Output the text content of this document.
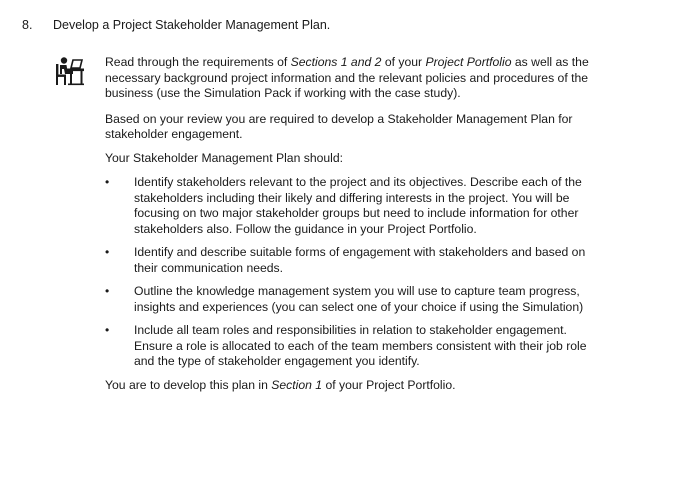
8. Develop a Project Stakeholder Management Plan.

Read through the requirements of Sections 1 and 2 of your Project Portfolio as well as the necessary background project information and the relevant policies and procedures of the business (use the Simulation Pack if working with the case study).

Based on your review you are required to develop a Stakeholder Management Plan for stakeholder engagement.

Your Stakeholder Management Plan should:

• Identify stakeholders relevant to the project and its objectives. Describe each of the stakeholders including their likely and differing interests in the project. You will be focusing on two major stakeholder groups but need to include information for other stakeholders also. Follow the guidance in your Project Portfolio.
• Identify and describe suitable forms of engagement with stakeholders and based on their communication needs.
• Outline the knowledge management system you will use to capture team progress, insights and experiences (you can select one of your choice if using the Simulation)
• Include all team roles and responsibilities in relation to stakeholder engagement. Ensure a role is allocated to each of the team members consistent with their job role and the type of stakeholder engagement you identify.

You are to develop this plan in Section 1 of your Project Portfolio.
